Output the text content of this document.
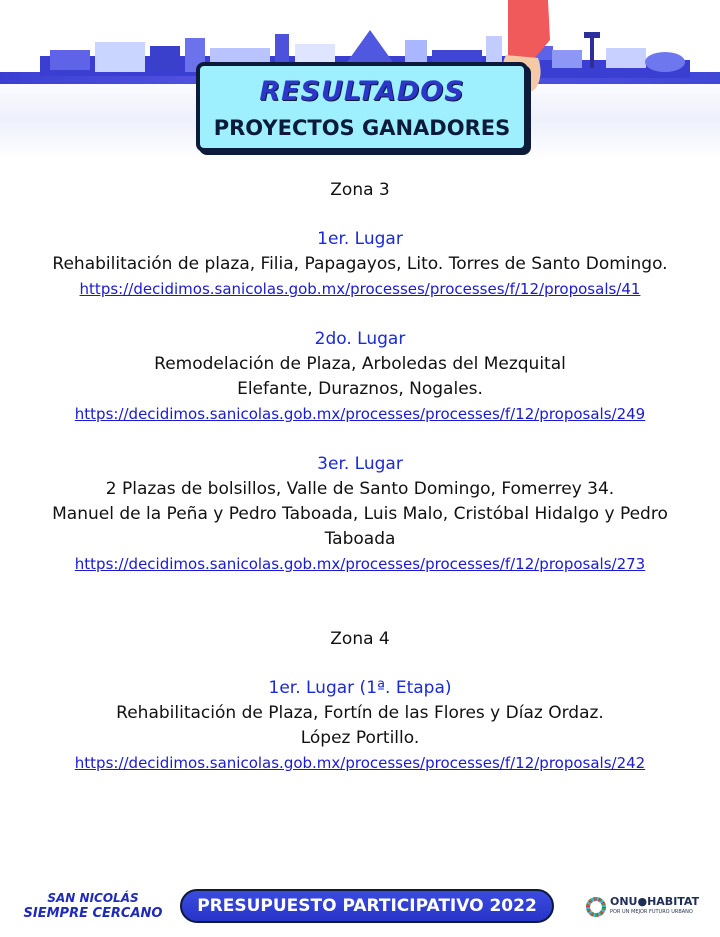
RESULTADOS
PROYECTOS GANADORES

Zona 3

1er. Lugar

Rehabilitación de plaza, Filia, Papagayos, Lito. Torres de Santo Domingo.

https://decidimos.sanicolas.gob.mx/processes/processes/f/12/proposals/41

2do. Lugar

Remodelación de Plaza, Arboledas del Mezquital

Elefante, Duraznos, Nogales.

https://decidimos.sanicolas.gob.mx/processes/processes/f/12/proposals/249

3er. Lugar

2 Plazas de bolsillos, Valle de Santo Domingo, Fomerrey 34.

Manuel de la Peña y Pedro Taboada, Luis Malo, Cristóbal Hidalgo y Pedro

Taboada

https://decidimos.sanicolas.gob.mx/processes/processes/f/12/proposals/273

Zona 4

1er. Lugar (1ª. Etapa)

Rehabilitación de Plaza, Fortín de las Flores y Díaz Ordaz.

López Portillo.

https://decidimos.sanicolas.gob.mx/processes/processes/f/12/proposals/242
SAN NICOLÁS
SIEMPRE CERCANO	PRESUPUESTO PARTICIPATIVO 2022	ONU●HABITAT
POR UN MEJOR FUTURO URBANO
